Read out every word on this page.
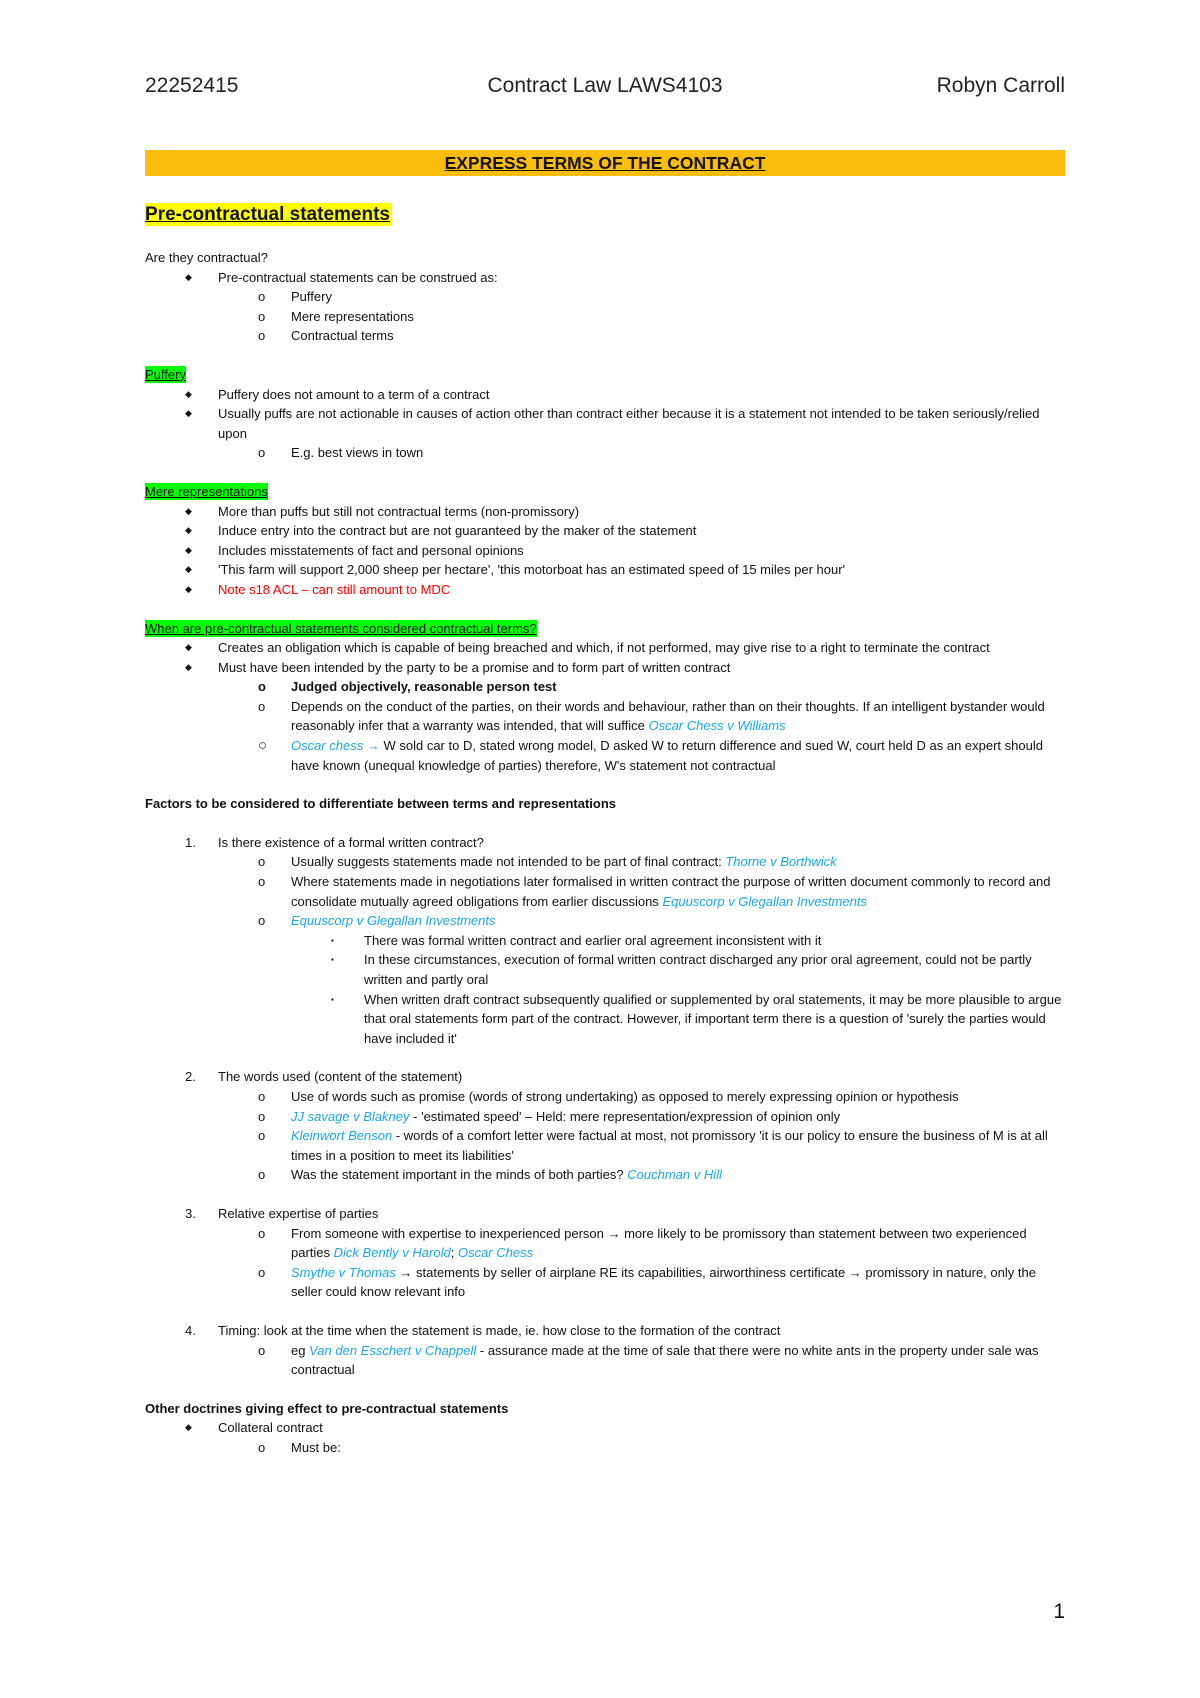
22252415	Contract Law LAWS4103	Robyn Carroll
EXPRESS TERMS OF THE CONTRACT
Pre-contractual statements
Are they contractual?
◆ Pre-contractual statements can be construed as:
o Puffery
o Mere representations
o Contractual terms
Puffery
◆ Puffery does not amount to a term of a contract
◆ Usually puffs are not actionable in causes of action other than contract either because it is a statement not intended to be taken seriously/relied upon
o E.g. best views in town
Mere representations
◆ More than puffs but still not contractual terms (non-promissory)
◆ Induce entry into the contract but are not guaranteed by the maker of the statement
◆ Includes misstatements of fact and personal opinions
◆ 'This farm will support 2,000 sheep per hectare', 'this motorboat has an estimated speed of 15 miles per hour'
◆ Note s18 ACL – can still amount to MDC
When are pre-contractual statements considered contractual terms?
◆ Creates an obligation which is capable of being breached and which, if not performed, may give rise to a right to terminate the contract
◆ Must have been intended by the party to be a promise and to form part of written contract
o Judged objectively, reasonable person test
o Depends on the conduct of the parties, on their words and behaviour, rather than on their thoughts. If an intelligent bystander would reasonably infer that a warranty was intended, that will suffice Oscar Chess v Williams
○ Oscar chess → W sold car to D, stated wrong model, D asked W to return difference and sued W, court held D as an expert should have known (unequal knowledge of parties) therefore, W's statement not contractual
Factors to be considered to differentiate between terms and representations
1. Is there existence of a formal written contract?
o Usually suggests statements made not intended to be part of final contract: Thorne v Borthwick
o Where statements made in negotiations later formalised in written contract the purpose of written document commonly to record and consolidate mutually agreed obligations from earlier discussions Equuscorp v Glegallan Investments
o Equuscorp v Glegallan Investments
▪ There was formal written contract and earlier oral agreement inconsistent with it
▪ In these circumstances, execution of formal written contract discharged any prior oral agreement, could not be partly written and partly oral
▪ When written draft contract subsequently qualified or supplemented by oral statements, it may be more plausible to argue that oral statements form part of the contract. However, if important term there is a question of 'surely the parties would have included it'
2. The words used (content of the statement)
o Use of words such as promise (words of strong undertaking) as opposed to merely expressing opinion or hypothesis
o JJ savage v Blakney - 'estimated speed' – Held: mere representation/expression of opinion only
o Kleinwort Benson - words of a comfort letter were factual at most, not promissory 'it is our policy to ensure the business of M is at all times in a position to meet its liabilities'
o Was the statement important in the minds of both parties? Couchman v Hill
3. Relative expertise of parties
o From someone with expertise to inexperienced person → more likely to be promissory than statement between two experienced parties Dick Bently v Harold; Oscar Chess
o Smythe v Thomas → statements by seller of airplane RE its capabilities, airworthiness certificate → promissory in nature, only the seller could know relevant info
4. Timing: look at the time when the statement is made, ie. how close to the formation of the contract
o eg Van den Esschert v Chappell - assurance made at the time of sale that there were no white ants in the property under sale was contractual
Other doctrines giving effect to pre-contractual statements
◆ Collateral contract
o Must be:
1
